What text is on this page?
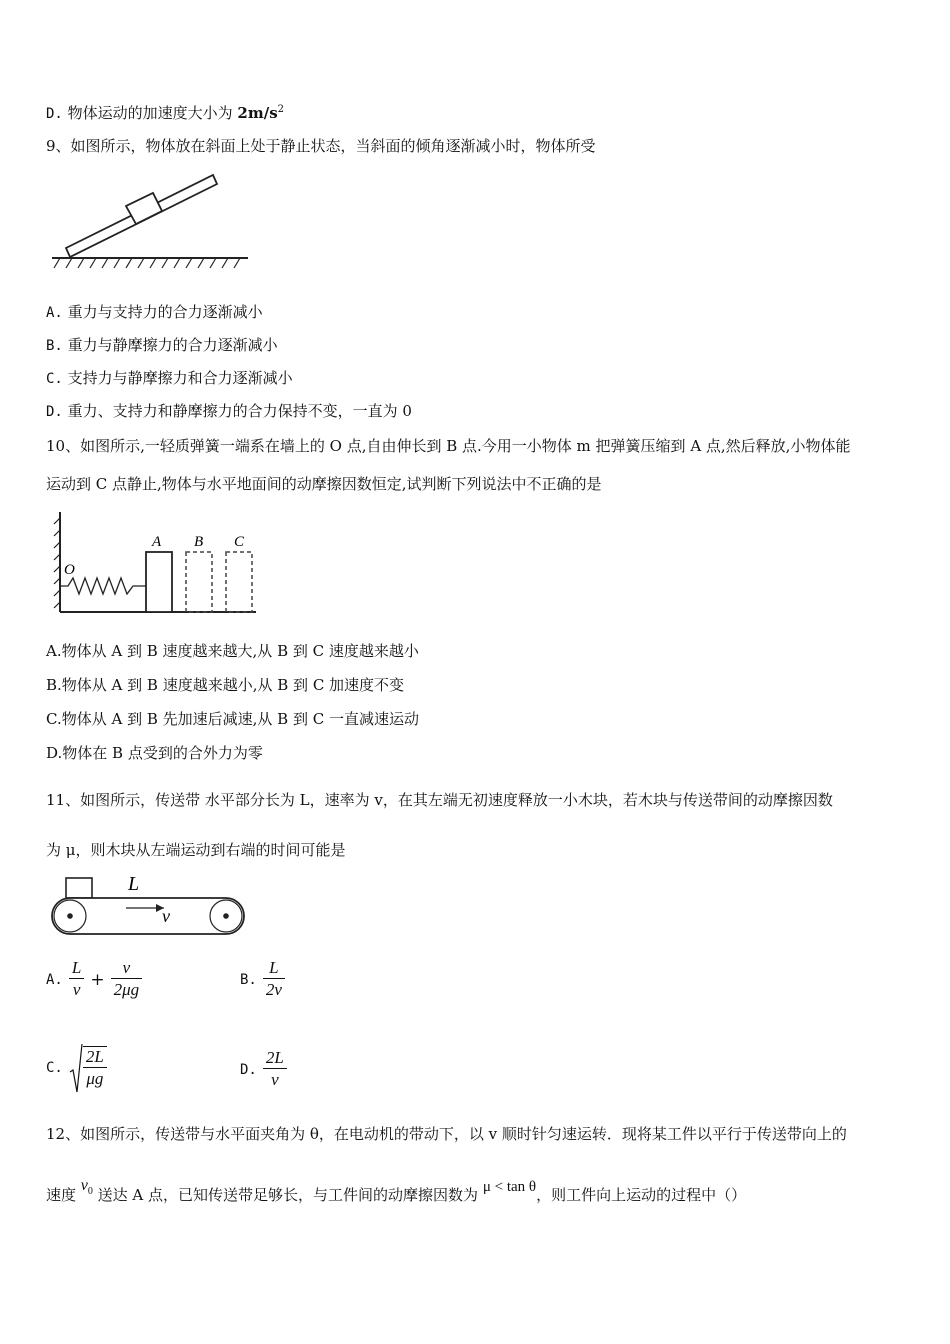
D. 物体运动的加速度大小为 $2m/s^2$
9、如图所示，物体放在斜面上处于静止状态，当斜面的倾角逐渐减小时，物体所受
A. 重力与支持力的合力逐渐减小
B. 重力与静摩擦力的合力逐渐减小
C. 支持力与静摩擦力和合力逐渐减小
D. 重力、支持力和静摩擦力的合力保持不变，一直为 0
10、如图所示,一轻质弹簧一端系在墙上的 O 点,自由伸长到 B 点.今用一小物体 m 把弹簧压缩到 A 点,然后释放,小物体能
运动到 C 点静止,物体与水平地面间的动摩擦因数恒定,试判断下列说法中不正确的是
O
A B C
A.物体从 A 到 B 速度越来越大,从 B 到 C 速度越来越小
B.物体从 A 到 B 速度越来越小,从 B 到 C 加速度不变
C.物体从 A 到 B 先加速后减速,从 B 到 C 一直减速运动
D.物体在 B 点受到的合外力为零
11、如图所示，传送带 水平部分长为 L，速率为 v，在其左端无初速度释放一小木块，若木块与传送带间的动摩擦因数
为 μ，则木块从左端运动到右端的时间可能是
L
v
A. $\frac{L}{v} + \frac{v}{2\mu g}$	B. $\frac{L}{2v}$
C. $\frac{2L}{\mu g}$	D. $\frac{2L}{v}$
12、如图所示，传送带与水平面夹角为 θ，在电动机的带动下，以 v 顺时针匀速运转．现将某工件以平行于传送带向上的
速度 $v_0$ 送达 A 点，已知传送带足够长，与工件间的动摩擦因数为 μ < tan θ，则工件向上运动的过程中（）
